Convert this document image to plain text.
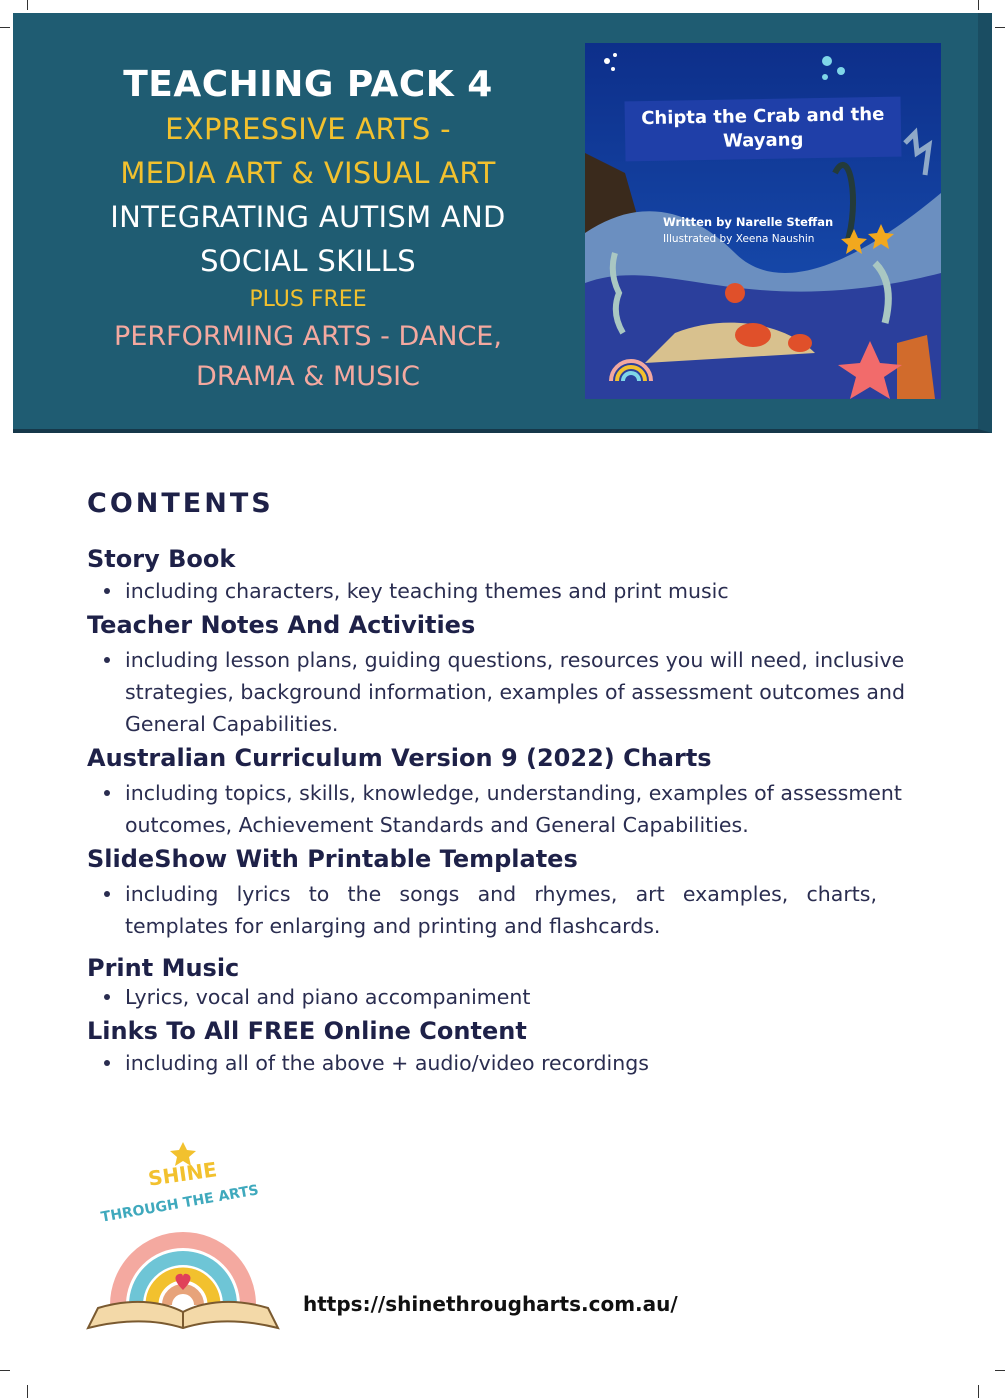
TEACHING PACK 4
EXPRESSIVE ARTS -
MEDIA ART & VISUAL ART
INTEGRATING AUTISM AND
SOCIAL SKILLS
PLUS FREE
PERFORMING ARTS - DANCE,
DRAMA & MUSIC
Chipta the Crab and the Wayang
Written by Narelle Steffan
Illustrated by Xeena Naushin
CONTENTS
Story Book
including characters, key teaching themes and print music
Teacher Notes And Activities
including lesson plans, guiding questions, resources you will need, inclusive strategies, background information, examples of assessment outcomes and General Capabilities.
Australian Curriculum Version 9 (2022) Charts
including topics, skills, knowledge, understanding, examples of assessment outcomes, Achievement Standards and General Capabilities.
SlideShow With Printable Templates
including lyrics to the songs and rhymes, art examples, charts, templates for enlarging and printing and flashcards.
Print Music
Lyrics, vocal and piano accompaniment
Links To All FREE Online Content
including all of the above + audio/video recordings
SHINE
THROUGH THE ARTS
https://shinethrougharts.com.au/
